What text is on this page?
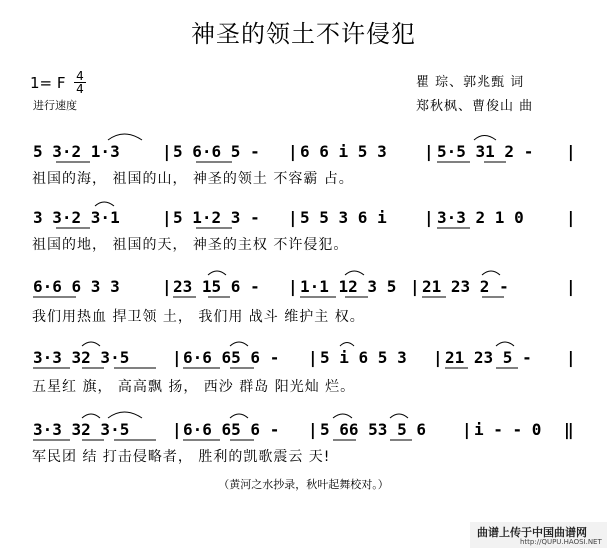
神圣的领土不许侵犯
1= F 4
4
进行速度
瞿 琮、郭兆甄 词
郑秋枫、曹俊山 曲
5 3·2 1·3	| 5 6·6 5 - | 6 6 i 5 3 | 5·5 31 2 - |
祖国的海， 祖国的山， 神圣的领土 不容霸 占。
3 3·2 3·1	| 5 1·2 3 - | 5 5 3 6 i | 3·3 2 1 0	|
祖国的地， 祖国的天， 神圣的主权 不许侵犯。
6·6 6 3 3	| 23 15 6 - | 1·1 12 3 5 | 21 23 2 -	|
我们用热血 捍卫领 土， 我们用 战斗 维护主 权。
3·3 32 3·5	| 6·6 65 6 - | 5 i 6 5 3 | 21 23 5 - |
五星红 旗， 高高飘 扬， 西沙 群岛 阳光灿 烂。
3·3 32 3·5	| 6·6 65 6 - | 5 66 53 5 6 | i - - 0 ‖
军民团 结 打击侵略者， 胜利的凯歌震云 天!
（黄河之水抄录，秋叶起舞校对。）
曲谱上传于中国曲谱网
http://QUPU.HAOSI.NET
